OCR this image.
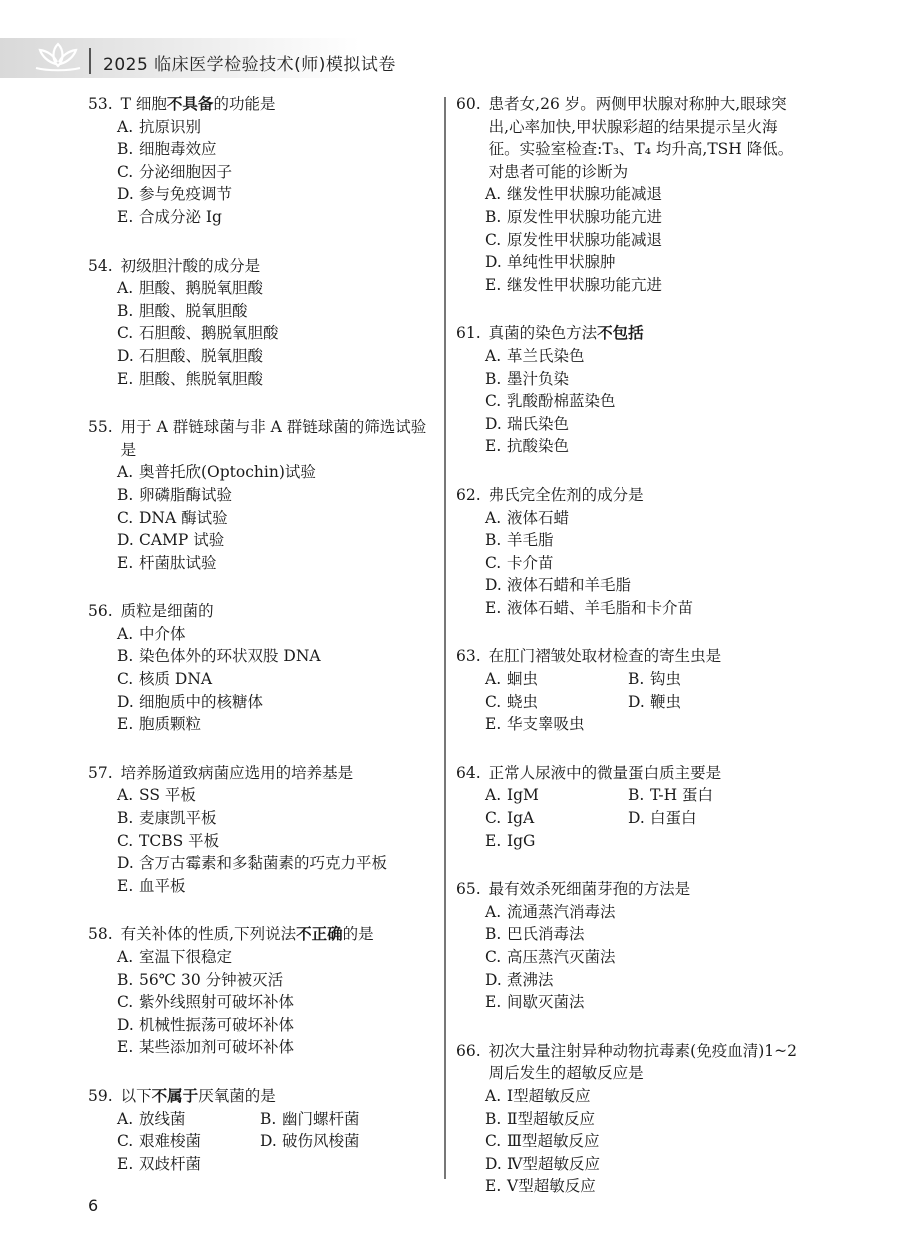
2025 临床医学检验技术(师)模拟试卷
53. T 细胞不具备的功能是
A. 抗原识别
B. 细胞毒效应
C. 分泌细胞因子
D. 参与免疫调节
E. 合成分泌 Ig
54. 初级胆汁酸的成分是
A. 胆酸、鹅脱氧胆酸
B. 胆酸、脱氧胆酸
C. 石胆酸、鹅脱氧胆酸
D. 石胆酸、脱氧胆酸
E. 胆酸、熊脱氧胆酸
55. 用于 A 群链球菌与非 A 群链球菌的筛选试验是
A. 奥普托欣(Optochin)试验
B. 卵磷脂酶试验
C. DNA 酶试验
D. CAMP 试验
E. 杆菌肽试验
56. 质粒是细菌的
A. 中介体
B. 染色体外的环状双股 DNA
C. 核质 DNA
D. 细胞质中的核糖体
E. 胞质颗粒
57. 培养肠道致病菌应选用的培养基是
A. SS 平板
B. 麦康凯平板
C. TCBS 平板
D. 含万古霉素和多黏菌素的巧克力平板
E. 血平板
58. 有关补体的性质,下列说法不正确的是
A. 室温下很稳定
B. 56℃ 30 分钟被灭活
C. 紫外线照射可破坏补体
D. 机械性振荡可破坏补体
E. 某些添加剂可破坏补体
59. 以下不属于厌氧菌的是
A. 放线菌	B. 幽门螺杆菌
C. 艰难梭菌	D. 破伤风梭菌
E. 双歧杆菌
60. 患者女,26 岁。两侧甲状腺对称肿大,眼球突出,心率加快,甲状腺彩超的结果提示呈火海征。实验室检查:T₃、T₄ 均升高,TSH 降低。对患者可能的诊断为
A. 继发性甲状腺功能减退
B. 原发性甲状腺功能亢进
C. 原发性甲状腺功能减退
D. 单纯性甲状腺肿
E. 继发性甲状腺功能亢进
61. 真菌的染色方法不包括
A. 革兰氏染色
B. 墨汁负染
C. 乳酸酚棉蓝染色
D. 瑞氏染色
E. 抗酸染色
62. 弗氏完全佐剂的成分是
A. 液体石蜡
B. 羊毛脂
C. 卡介苗
D. 液体石蜡和羊毛脂
E. 液体石蜡、羊毛脂和卡介苗
63. 在肛门褶皱处取材检查的寄生虫是
A. 蛔虫	B. 钩虫
C. 蛲虫	D. 鞭虫
E. 华支睾吸虫
64. 正常人尿液中的微量蛋白质主要是
A. IgM	B. T-H 蛋白
C. IgA	D. 白蛋白
E. IgG
65. 最有效杀死细菌芽孢的方法是
A. 流通蒸汽消毒法
B. 巴氏消毒法
C. 高压蒸汽灭菌法
D. 煮沸法
E. 间歇灭菌法
66. 初次大量注射异种动物抗毒素(免疫血清)1~2 周后发生的超敏反应是
A. Ⅰ型超敏反应
B. Ⅱ型超敏反应
C. Ⅲ型超敏反应
D. Ⅳ型超敏反应
E. Ⅴ型超敏反应
6
